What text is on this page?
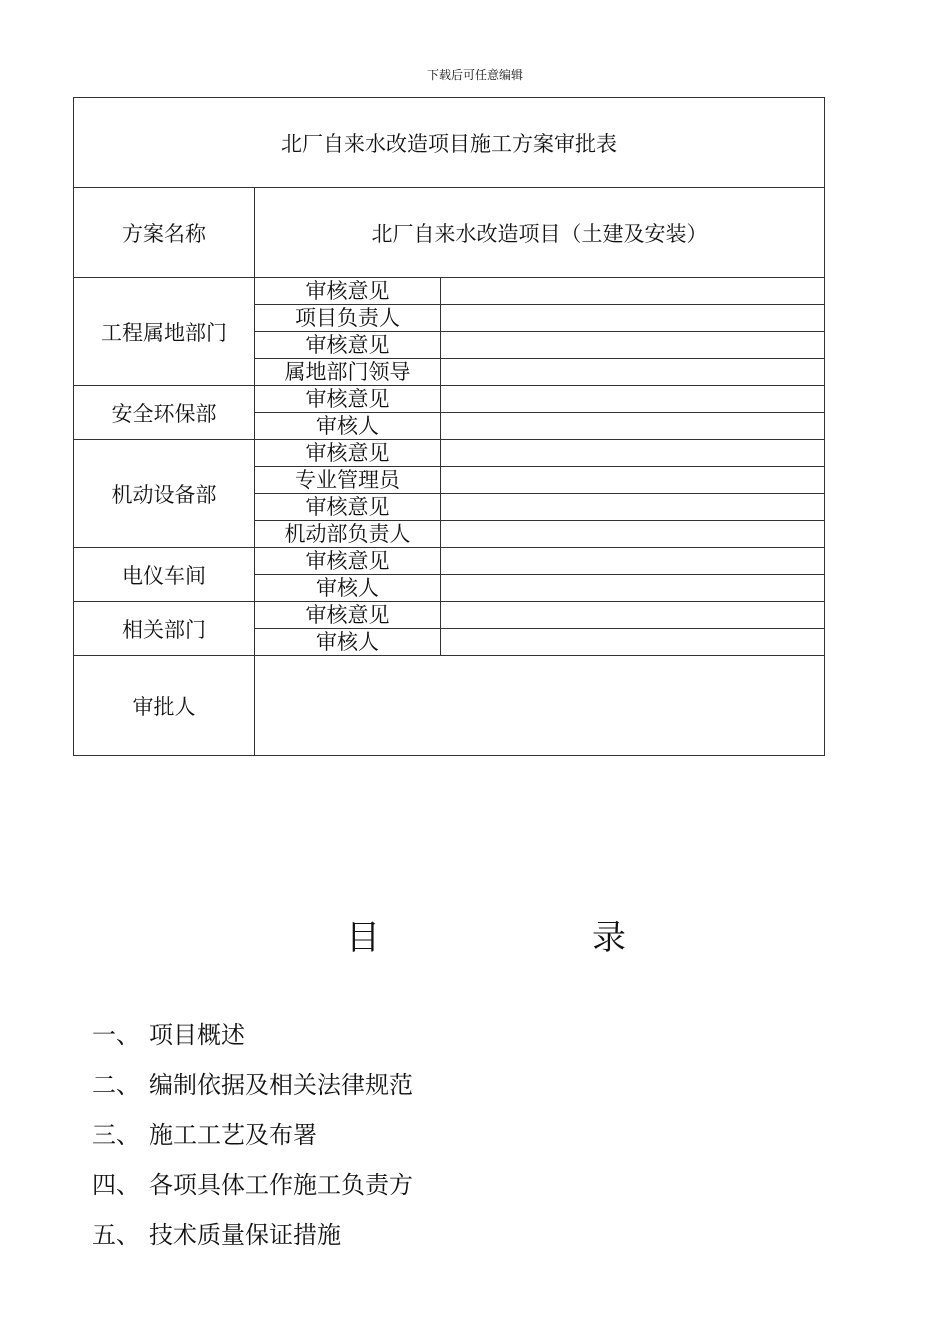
下载后可任意编辑
北厂自来水改造项目施工方案审批表		
方案名称	北厂自来水改造项目（土建及安装）	
工程属地部门	审核意见	
	项目负责人	
	审核意见	
	属地部门领导	
安全环保部	审核意见	
	审核人	
机动设备部	审核意见	
	专业管理员	
	审核意见	
	机动部负责人	
电仪车间	审核意见	
	审核人	
相关部门	审核意见	
	审核人	
审批人		
目	录
一、 项目概述
二、 编制依据及相关法律规范
三、 施工工艺及布署
四、 各项具体工作施工负责方
五、 技术质量保证措施
